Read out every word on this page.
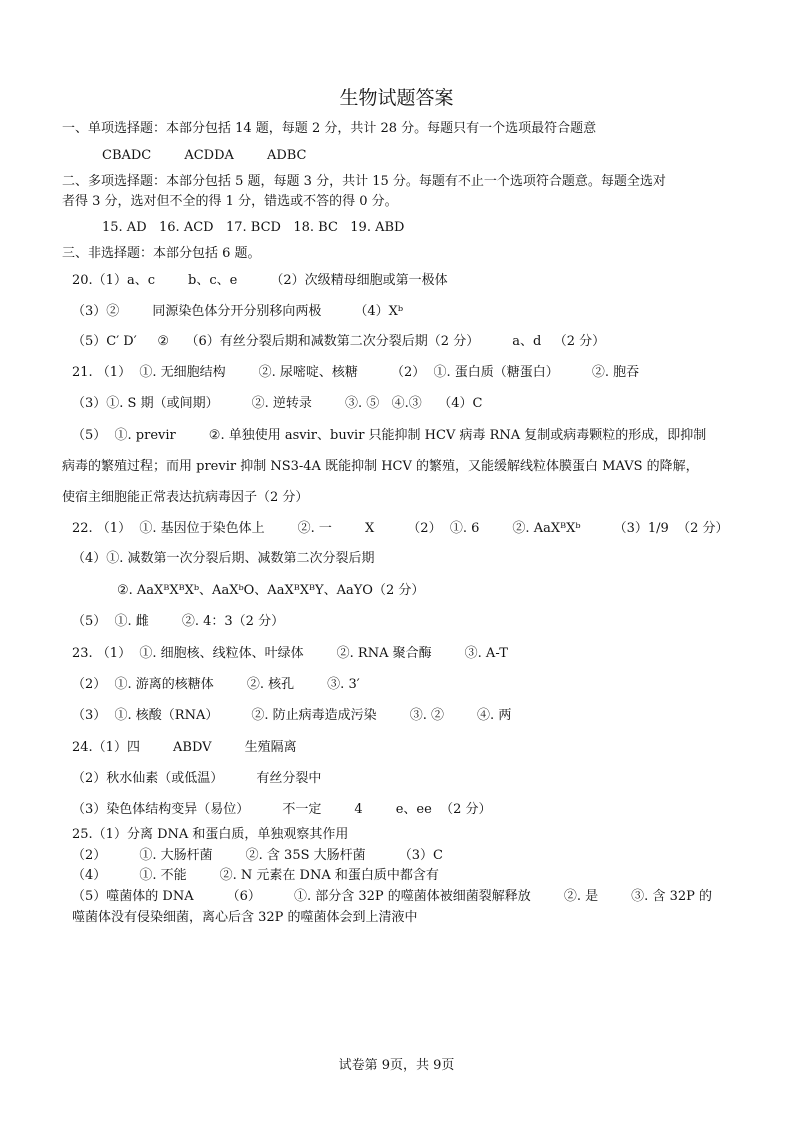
生物试题答案
一、单项选择题：本部分包括 14 题，每题 2 分，共计 28 分。每题只有一个选项最符合题意
CBADC        ACDDA        ADBC
二、多项选择题：本部分包括 5 题，每题 3 分，共计 15 分。每题有不止一个选项符合题意。每题全选对
者得 3 分，选对但不全的得 1 分，错选或不答的得 0 分。
15. AD   16. ACD   17. BCD   18. BC   19. ABD
三、非选择题：本部分包括 6 题。
20.（1）a、c        b、c、e        （2）次级精母细胞或第一极体
（3）②        同源染色体分开分别移向两极        （4）Xᵇ
（5）C′ D′     ②    （6）有丝分裂后期和减数第二次分裂后期（2 分）        a、d   （2 分）
21. （1）  ①. 无细胞结构        ②. 尿嘧啶、核糖        （2）  ①. 蛋白质（糖蛋白）        ②. 胞吞
（3）①. S 期（或间期）        ②. 逆转录        ③. ⑤   ④.③    （4）C
（5）  ①. previr        ②. 单独使用 asvir、buvir 只能抑制 HCV 病毒 RNA 复制或病毒颗粒的形成，即抑制
病毒的繁殖过程；而用 previr 抑制 NS3-4A 既能抑制 HCV 的繁殖，又能缓解线粒体膜蛋白 MAVS 的降解，
使宿主细胞能正常表达抗病毒因子（2 分）
22. （1）  ①. 基因位于染色体上        ②. 一        X        （2）  ①. 6        ②. AaXᴮXᵇ        （3）1/9  （2 分）
（4）①. 减数第一次分裂后期、减数第二次分裂后期
②. AaXᴮXᴮXᵇ、AaXᵇO、AaXᴮXᴮY、AaYO（2 分）
（5）  ①. 雌        ②. 4：3（2 分）
23. （1）  ①. 细胞核、线粒体、叶绿体        ②. RNA 聚合酶        ③. A-T
（2）  ①. 游离的核糖体        ②. 核孔        ③. 3′
（3）  ①. 核酸（RNA）        ②. 防止病毒造成污染        ③. ②        ④. 两
24.（1）四        ABDV        生殖隔离
（2）秋水仙素（或低温）        有丝分裂中
（3）染色体结构变异（易位）        不一定        4        e、ee  （2 分）
25.（1）分离 DNA 和蛋白质，单独观察其作用
（2）        ①. 大肠杆菌        ②. 含 35S 大肠杆菌        （3）C
（4）        ①. 不能        ②. N 元素在 DNA 和蛋白质中都含有
（5）噬菌体的 DNA        （6）        ①. 部分含 32P 的噬菌体被细菌裂解释放        ②. 是        ③. 含 32P 的
噬菌体没有侵染细菌，离心后含 32P 的噬菌体会到上清液中
试卷第 9页，共 9页
